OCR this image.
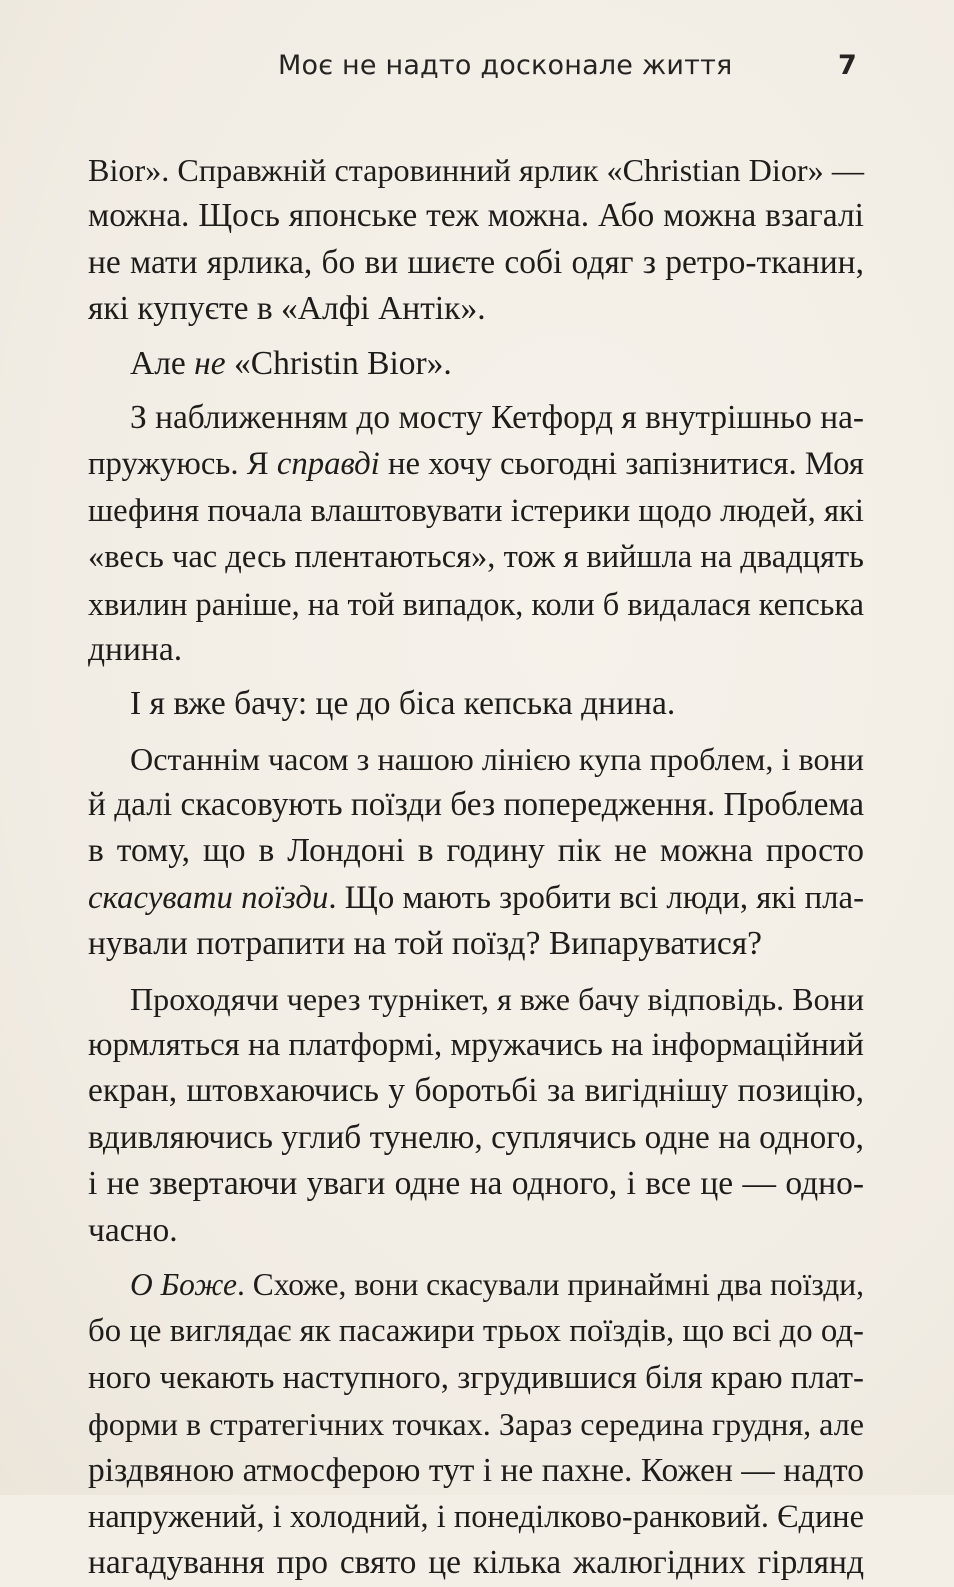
Моє не надто досконале життя	7
Bior». Справжній старовинний ярлик «Christian Dior» —
можна. Щось японське теж можна. Або можна взагалі
не мати ярлика, бо ви шиєте собі одяг з ретро-тканин,
які купуєте в «Алфі Антік».
Але не «Christin Bior».
З наближенням до мосту Кетфорд я внутрішньо на-
пружуюсь. Я справді не хочу сьогодні запізнитися. Моя
шефиня почала влаштовувати істерики щодо людей, які
«весь час десь плентаються», тож я вийшла на двадцять
хвилин раніше, на той випадок, коли б видалася кепська
днина.
І я вже бачу: це до біса кепська днина.
Останнім часом з нашою лінією купа проблем, і вони
й далі скасовують поїзди без попередження. Проблема
в тому, що в Лондоні в годину пік не можна просто
скасувати поїзди. Що мають зробити всі люди, які пла-
нували потрапити на той поїзд? Випаруватися?
Проходячи через турнікет, я вже бачу відповідь. Вони
юрмляться на платформі, мружачись на інформаційний
екран, штовхаючись у боротьбі за вигіднішу позицію,
вдивляючись углиб тунелю, суплячись одне на одного,
і не звертаючи уваги одне на одного, і все це — одно-
часно.
О Боже. Схоже, вони скасували принаймні два поїзди,
бо це виглядає як пасажири трьох поїздів, що всі до од-
ного чекають наступного, згрудившися біля краю плат-
форми в стратегічних точках. Зараз середина грудня, але
різдвяною атмосферою тут і не пахне. Кожен — надто
напружений, і холодний, і понеділково-ранковий. Єдине
нагадування про свято це кілька жалюгідних гірлянд
